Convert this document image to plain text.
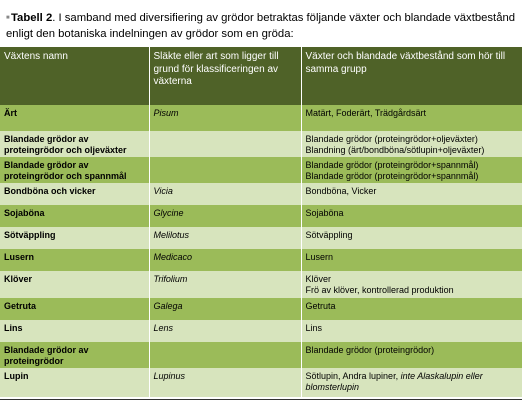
■Tabell 2. I samband med diversifiering av grödor betraktas följande växter och blandade växtbestånd enligt den botaniska indelningen av grödor som en gröda:
Växtens namn	Släkte eller art som ligger till grund för klassificeringen av växterna	Växter och blandade växtbestånd som hör till samma grupp
Ärt	Pisum	Matärt, Foderärt, Trädgårdsärt

Blandade grödor av proteingrödor och oljeväxter		Blandade grödor (proteingrödor+oljeväxter)
Blandning (ärt/bondböna/sötlupin+oljeväxter)

Blandade grödor av proteingrödor och spannmål		Blandade grödor (proteingrödor+spannmål)
Blandade grödor (proteingrödor+spannmål)

Bondböna och vicker	Vicia	Bondböna, Vicker

Sojaböna	Glycine	Sojaböna

Sötväppling	Melilotus	Sötväppling

Lusern	Medicaco	Lusern

Klöver	Trifolium	Klöver
Frö av klöver, kontrollerad produktion

Getruta	Galega	Getruta

Lins	Lens	Lins

Blandade grödor av proteingrödor		Blandade grödor (proteingrödor)

Lupin	Lupinus	Sötlupin, Andra lupiner, inte Alaskalupin eller blomsterlupin
